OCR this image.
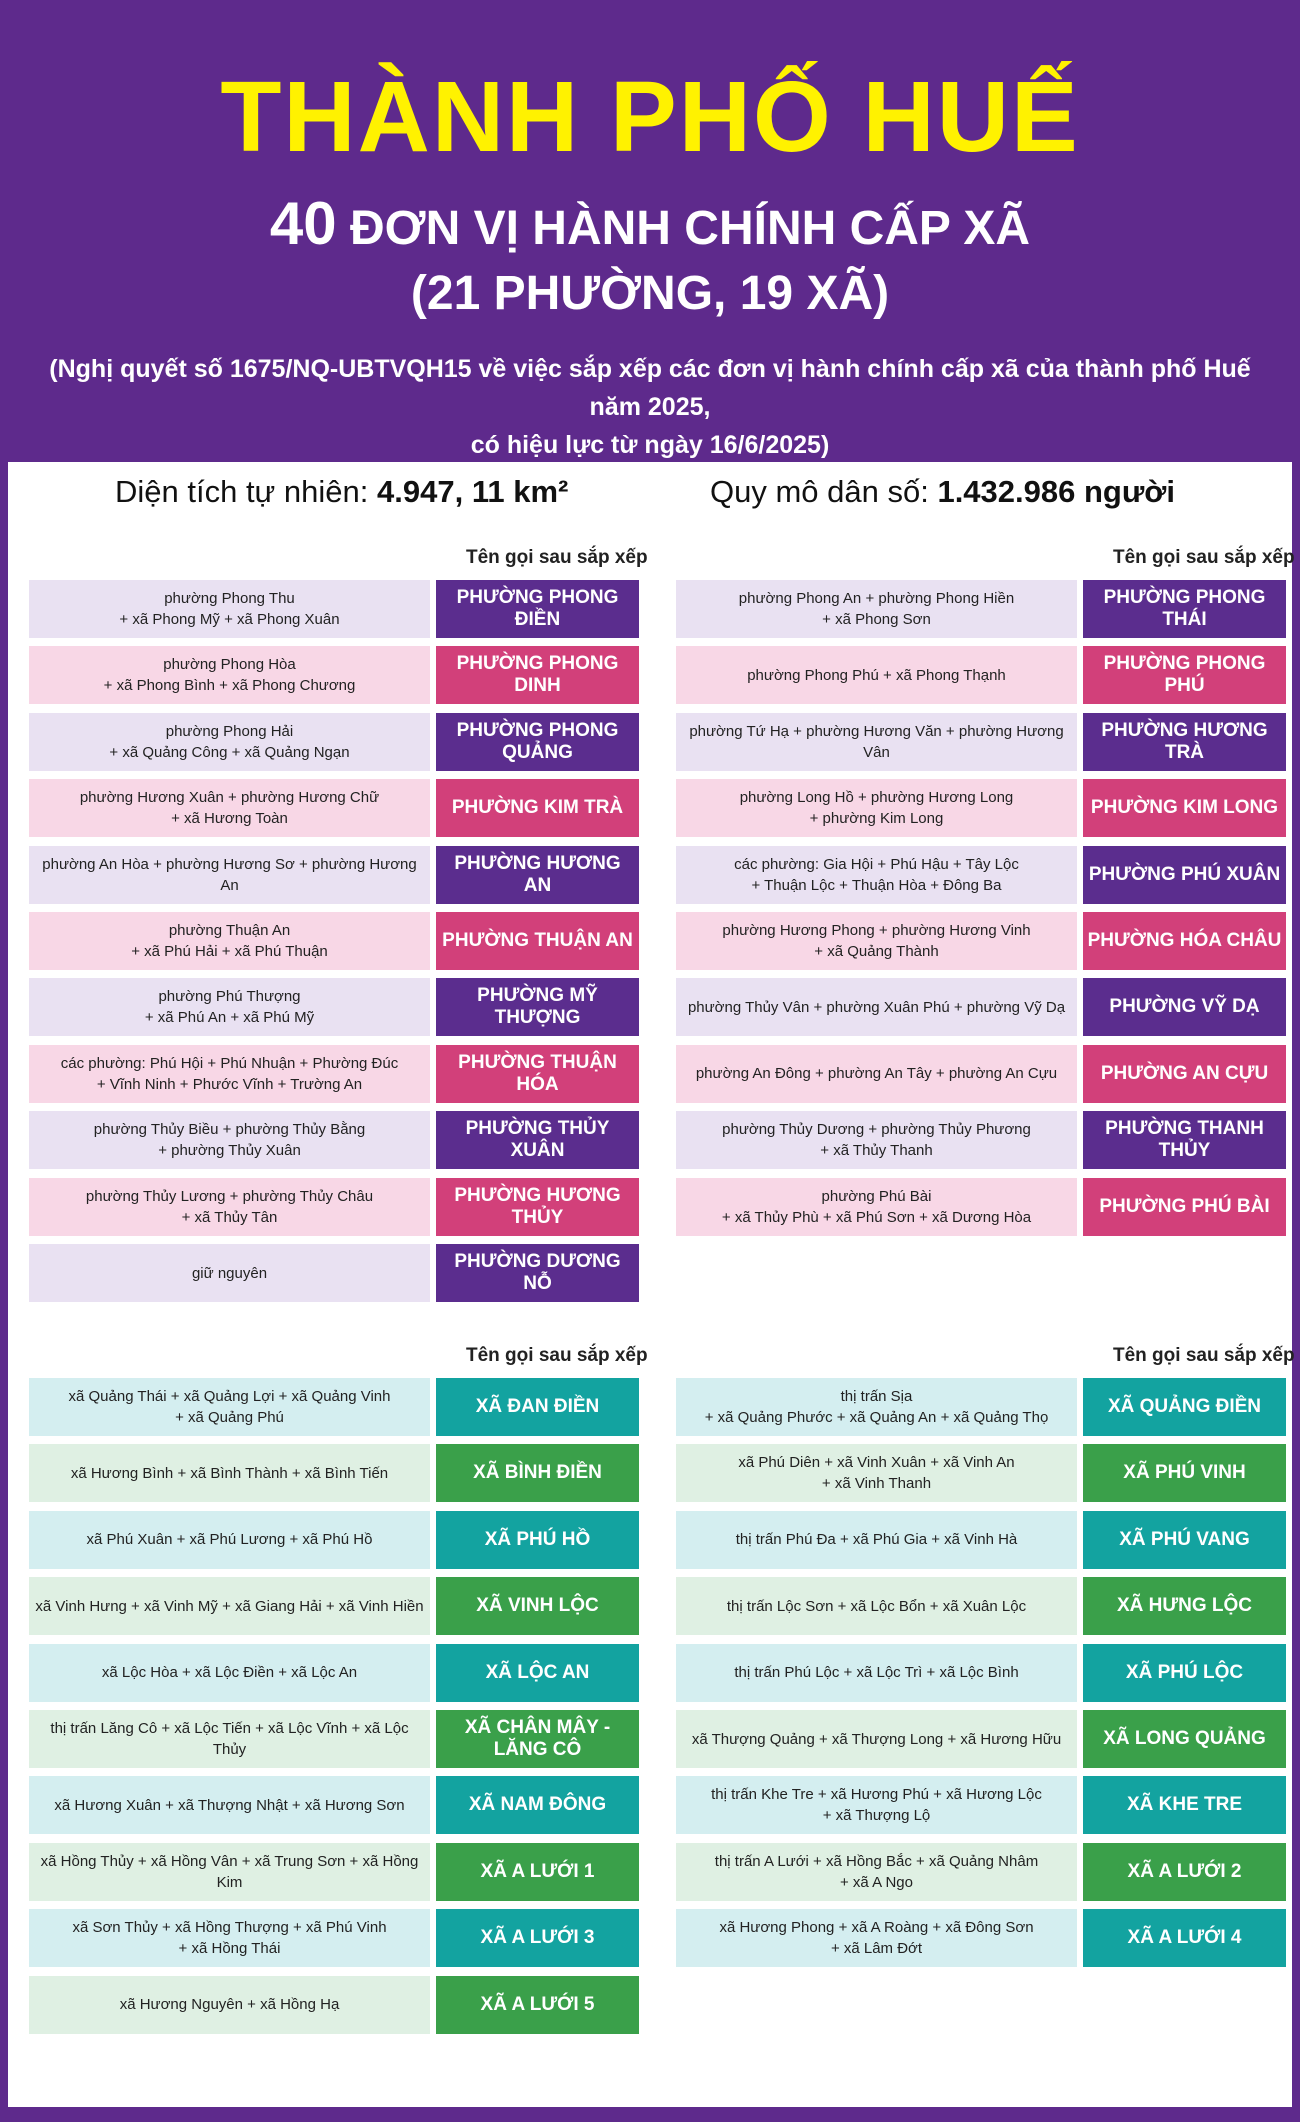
THÀNH PHỐ HUẾ
40 ĐƠN VỊ HÀNH CHÍNH CẤP XÃ
(21 PHƯỜNG, 19 XÃ)
(Nghị quyết số 1675/NQ-UBTVQH15 về việc sắp xếp các đơn vị hành chính cấp xã của thành phố Huế năm 2025,
có hiệu lực từ ngày 16/6/2025)
Diện tích tự nhiên: 4.947, 11 km²	Quy mô dân số: 1.432.986 người
Tên gọi sau sắp xếp	Tên gọi sau sắp xếp
Tên gọi sau sắp xếp	Tên gọi sau sắp xếp
phường Phong Thu
+ xã Phong Mỹ + xã Phong Xuân
PHƯỜNG PHONG ĐIỀN
phường Phong Hòa
+ xã Phong Bình + xã Phong Chương
PHƯỜNG PHONG DINH
phường Phong Hải
+ xã Quảng Công + xã Quảng Ngạn
PHƯỜNG PHONG QUẢNG
phường Hương Xuân + phường Hương Chữ
+ xã Hương Toàn
PHƯỜNG KIM TRÀ
phường An Hòa + phường Hương Sơ + phường Hương An
PHƯỜNG HƯƠNG AN
phường Thuận An
+ xã Phú Hải + xã Phú Thuận
PHƯỜNG THUẬN AN
phường Phú Thượng
+ xã Phú An + xã Phú Mỹ
PHƯỜNG MỸ THƯỢNG
các phường: Phú Hội + Phú Nhuận + Phường Đúc
+ Vĩnh Ninh + Phước Vĩnh + Trường An
PHƯỜNG THUẬN HÓA
phường Thủy Biều + phường Thủy Bằng
+ phường Thủy Xuân
PHƯỜNG THỦY XUÂN
phường Thủy Lương + phường Thủy Châu
+ xã Thủy Tân
PHƯỜNG HƯƠNG THỦY
giữ nguyên
PHƯỜNG DƯƠNG NỖ
phường Phong An + phường Phong Hiền
+ xã Phong Sơn
PHƯỜNG PHONG THÁI
phường Phong Phú + xã Phong Thạnh
PHƯỜNG PHONG PHÚ
phường Tứ Hạ + phường Hương Văn + phường Hương Vân
PHƯỜNG HƯƠNG TRÀ
phường Long Hồ + phường Hương Long
+ phường Kim Long
PHƯỜNG KIM LONG
các phường: Gia Hội + Phú Hậu + Tây Lộc
+ Thuận Lộc + Thuận Hòa + Đông Ba
PHƯỜNG PHÚ XUÂN
phường Hương Phong + phường Hương Vinh
+ xã Quảng Thành
PHƯỜNG HÓA CHÂU
phường Thủy Vân + phường Xuân Phú + phường Vỹ Dạ	PHƯỜNG VỸ DẠ
phường An Đông + phường An Tây + phường An Cựu	PHƯỜNG AN CỰU
phường Thủy Dương + phường Thủy Phương
+ xã Thủy Thanh
PHƯỜNG THANH THỦY
phường Phú Bài
+ xã Thủy Phù + xã Phú Sơn + xã Dương Hòa
PHƯỜNG PHÚ BÀI
xã Quảng Thái + xã Quảng Lợi + xã Quảng Vinh
+ xã Quảng Phú
XÃ ĐAN ĐIỀN
xã Hương Bình + xã Bình Thành + xã Bình Tiến	XÃ BÌNH ĐIỀN
xã Phú Xuân + xã Phú Lương + xã Phú Hồ	XÃ PHÚ HỒ
xã Vinh Hưng + xã Vinh Mỹ + xã Giang Hải + xã Vinh Hiền	XÃ VINH LỘC
xã Lộc Hòa + xã Lộc Điền + xã Lộc An	XÃ LỘC AN
thị trấn Lăng Cô + xã Lộc Tiến + xã Lộc Vĩnh + xã Lộc Thủy
XÃ CHÂN MÂY - LĂNG CÔ
xã Hương Xuân + xã Thượng Nhật + xã Hương Sơn	XÃ NAM ĐÔNG
xã Hồng Thủy + xã Hồng Vân + xã Trung Sơn + xã Hồng Kim
XÃ A LƯỚI 1
xã Sơn Thủy + xã Hồng Thượng + xã Phú Vinh
+ xã Hồng Thái
XÃ A LƯỚI 3
xã Hương Nguyên + xã Hồng Hạ	XÃ A LƯỚI 5
thị trấn Sịa
+ xã Quảng Phước + xã Quảng An + xã Quảng Thọ
XÃ QUẢNG ĐIỀN
xã Phú Diên + xã Vinh Xuân + xã Vinh An
+ xã Vinh Thanh
XÃ PHÚ VINH
thị trấn Phú Đa + xã Phú Gia + xã Vinh Hà	XÃ PHÚ VANG
thị trấn Lộc Sơn + xã Lộc Bổn + xã Xuân Lộc	XÃ HƯNG LỘC
thị trấn Phú Lộc + xã Lộc Trì + xã Lộc Bình	XÃ PHÚ LỘC
xã Thượng Quảng + xã Thượng Long + xã Hương Hữu	XÃ LONG QUẢNG
thị trấn Khe Tre + xã Hương Phú + xã Hương Lộc
+ xã Thượng Lộ
XÃ KHE TRE
thị trấn A Lưới + xã Hồng Bắc + xã Quảng Nhâm
+ xã A Ngo
XÃ A LƯỚI 2
xã Hương Phong + xã A Roàng + xã Đông Sơn
+ xã Lâm Đớt
XÃ A LƯỚI 4
